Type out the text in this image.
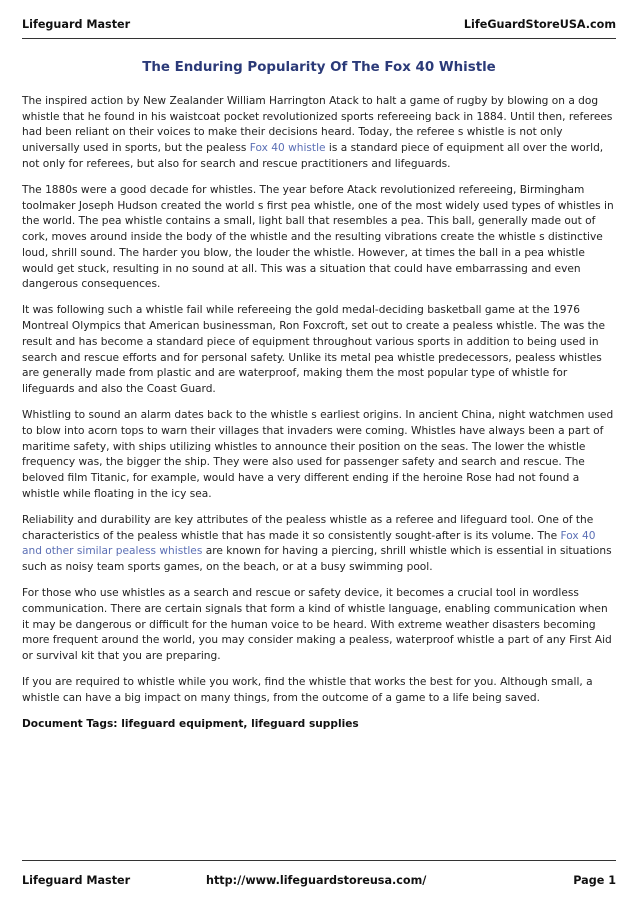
Lifeguard Master	LifeGuardStoreUSA.com
The Enduring Popularity Of The Fox 40 Whistle

The inspired action by New Zealander William Harrington Atack to halt a game of rugby by blowing on a dog whistle that he found in his waistcoat pocket revolutionized sports refereeing back in 1884. Until then, referees had been reliant on their voices to make their decisions heard. Today, the referee s whistle is not only universally used in sports, but the pealess Fox 40 whistle is a standard piece of equipment all over the world, not only for referees, but also for search and rescue practitioners and lifeguards.

The 1880s were a good decade for whistles. The year before Atack revolutionized refereeing, Birmingham toolmaker Joseph Hudson created the world s first pea whistle, one of the most widely used types of whistles in the world. The pea whistle contains a small, light ball that resembles a pea. This ball, generally made out of cork, moves around inside the body of the whistle and the resulting vibrations create the whistle s distinctive loud, shrill sound. The harder you blow, the louder the whistle. However, at times the ball in a pea whistle would get stuck, resulting in no sound at all. This was a situation that could have embarrassing and even dangerous consequences.

It was following such a whistle fail while refereeing the gold medal-deciding basketball game at the 1976 Montreal Olympics that American businessman, Ron Foxcroft, set out to create a pealess whistle. The was the result and has become a standard piece of equipment throughout various sports in addition to being used in search and rescue efforts and for personal safety. Unlike its metal pea whistle predecessors, pealess whistles are generally made from plastic and are waterproof, making them the most popular type of whistle for lifeguards and also the Coast Guard.

Whistling to sound an alarm dates back to the whistle s earliest origins. In ancient China, night watchmen used to blow into acorn tops to warn their villages that invaders were coming. Whistles have always been a part of maritime safety, with ships utilizing whistles to announce their position on the seas. The lower the whistle frequency was, the bigger the ship. They were also used for passenger safety and search and rescue. The beloved film Titanic, for example, would have a very different ending if the heroine Rose had not found a whistle while floating in the icy sea.

Reliability and durability are key attributes of the pealess whistle as a referee and lifeguard tool. One of the characteristics of the pealess whistle that has made it so consistently sought-after is its volume. The Fox 40 and other similar pealess whistles are known for having a piercing, shrill whistle which is essential in situations such as noisy team sports games, on the beach, or at a busy swimming pool.

For those who use whistles as a search and rescue or safety device, it becomes a crucial tool in wordless communication. There are certain signals that form a kind of whistle language, enabling communication when it may be dangerous or difficult for the human voice to be heard. With extreme weather disasters becoming more frequent around the world, you may consider making a pealess, waterproof whistle a part of any First Aid or survival kit that you are preparing.

If you are required to whistle while you work, find the whistle that works the best for you. Although small, a whistle can have a big impact on many things, from the outcome of a game to a life being saved.

Document Tags: lifeguard equipment, lifeguard supplies

Lifeguard Master	http://www.lifeguardstoreusa.com/	Page 1
